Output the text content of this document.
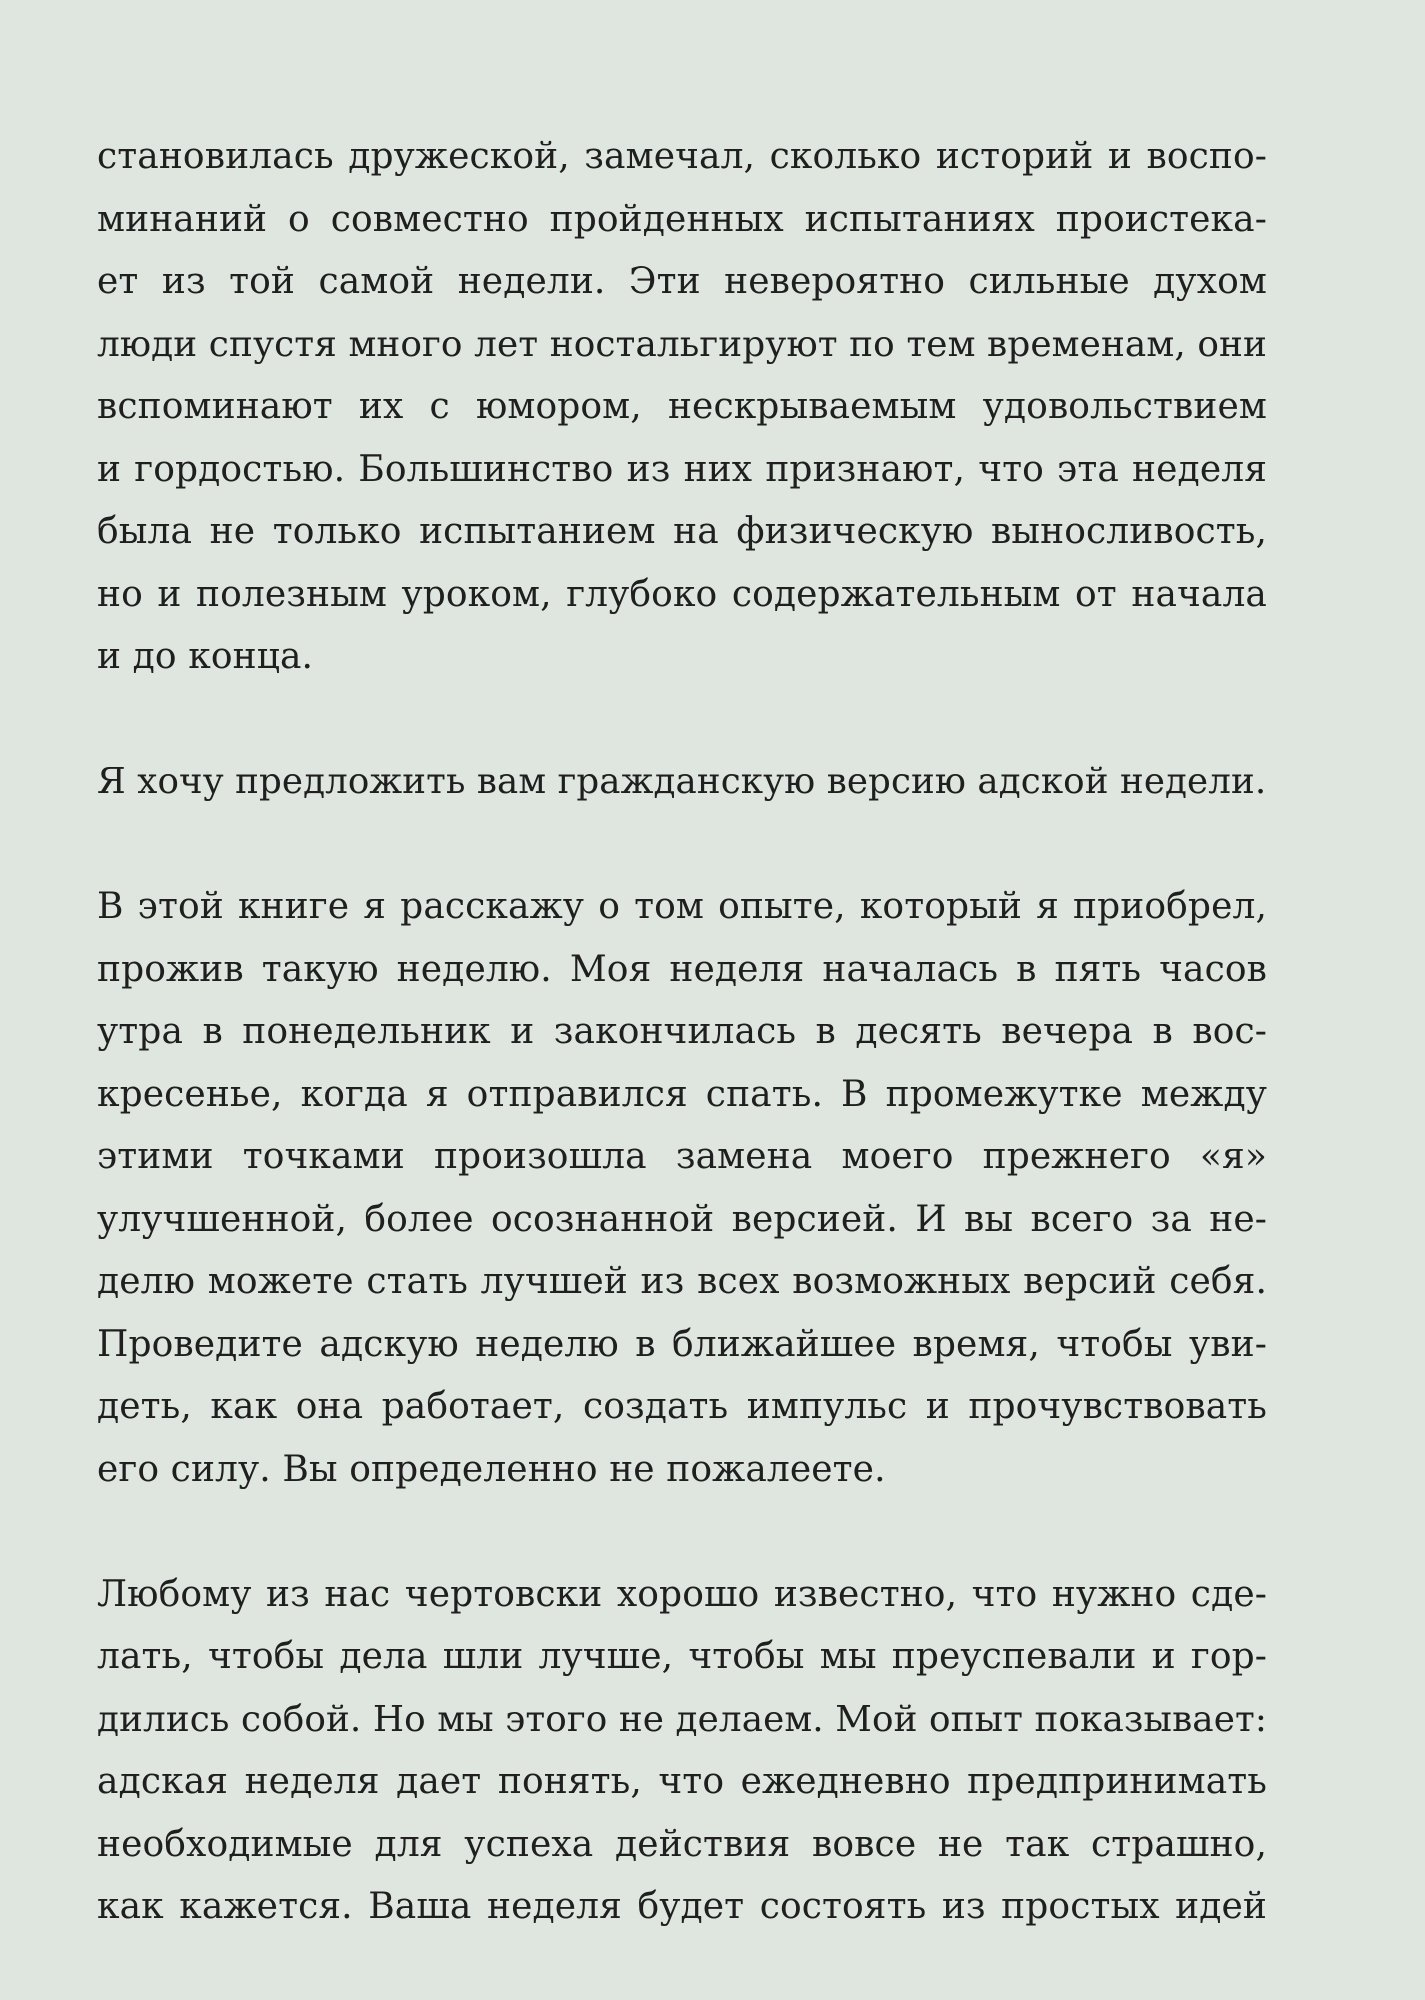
становилась дружеской, замечал, сколько историй и воспо-
минаний о совместно пройденных испытаниях проистека-
ет из той самой недели. Эти невероятно сильные духом
люди спустя много лет ностальгируют по тем временам, они
вспоминают их с юмором, нескрываемым удовольствием
и гордостью. Большинство из них признают, что эта неделя
была не только испытанием на физическую выносливость,
но и полезным уроком, глубоко содержательным от начала
и до конца.
Я хочу предложить вам гражданскую версию адской недели.
В этой книге я расскажу о том опыте, который я приобрел,
прожив такую неделю. Моя неделя началась в пять часов
утра в понедельник и закончилась в десять вечера в вос-
кресенье, когда я отправился спать. В промежутке между
этими точками произошла замена моего прежнего «я»
улучшенной, более осознанной версией. И вы всего за не-
делю можете стать лучшей из всех возможных версий себя.
Проведите адскую неделю в ближайшее время, чтобы уви-
деть, как она работает, создать импульс и прочувствовать
его силу. Вы определенно не пожалеете.
Любому из нас чертовски хорошо известно, что нужно сде-
лать, чтобы дела шли лучше, чтобы мы преуспевали и гор-
дились собой. Но мы этого не делаем. Мой опыт показывает:
адская неделя дает понять, что ежедневно предпринимать
необходимые для успеха действия вовсе не так страшно,
как кажется. Ваша неделя будет состоять из простых идей
